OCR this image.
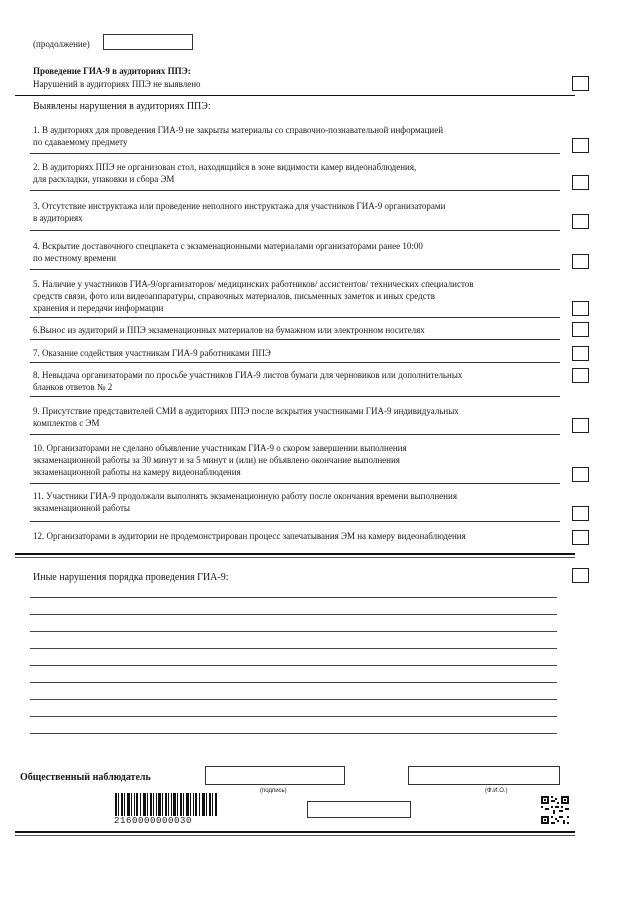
(продолжение)
Проведение ГИА-9 в аудиториях ППЭ:
Нарушений в аудиториях ППЭ не выявлено
Выявлены нарушения в аудиториях ППЭ:
1. В аудиториях для проведения ГИА-9 не закрыты материалы со справочно-познавательной информацией
по сдаваемому предмету
2. В аудиториях ППЭ не организован стол, находящийся в зоне видимости камер видеонаблюдения,
для раскладки, упаковки и сбора ЭМ
3. Отсутствие инструктажа или проведение неполного инструктажа для участников ГИА-9 организаторами
в аудиториях
4. Вскрытие доставочного спецпакета с экзаменационными материалами организаторами ранее 10:00
по местному времени
5. Наличие у участников ГИА-9/организаторов/ медицинских работников/ ассистентов/ технических специалистов
средств связи, фото или видеоаппаратуры, справочных материалов, письменных заметок и иных средств
хранения и передачи информации
6.Вынос из аудиторий и ППЭ экзаменационных материалов на бумажном или электронном носителях
7. Оказание содействия участникам ГИА-9 работниками ППЭ
8. Невыдача организаторами по просьбе участников ГИА-9 листов бумаги для черновиков или дополнительных
бланков ответов № 2
9. Присутствие представителей СМИ в аудиториях ППЭ после вскрытия участниками ГИА-9 индивидуальных
комплектов с ЭМ
10. Организаторами не сделано объявление участникам ГИА-9 о скором завершении выполнения
экзаменационной работы за 30 минут и за 5 минут и (или) не объявлено окончание выполнения
экзаменационной работы на камеру видеонаблюдения
11. Участники ГИА-9 продолжали выполнять экзаменационную работу после окончания времени выполнения
экзаменационной работы
12. Организаторами в аудитории не продемонстрирован процесс запечатывания ЭМ на камеру видеонаблюдения
Иные нарушения порядка проведения ГИА-9:
Общественный наблюдатель
(подпись)	(Ф.И.О.)
2160000000030
